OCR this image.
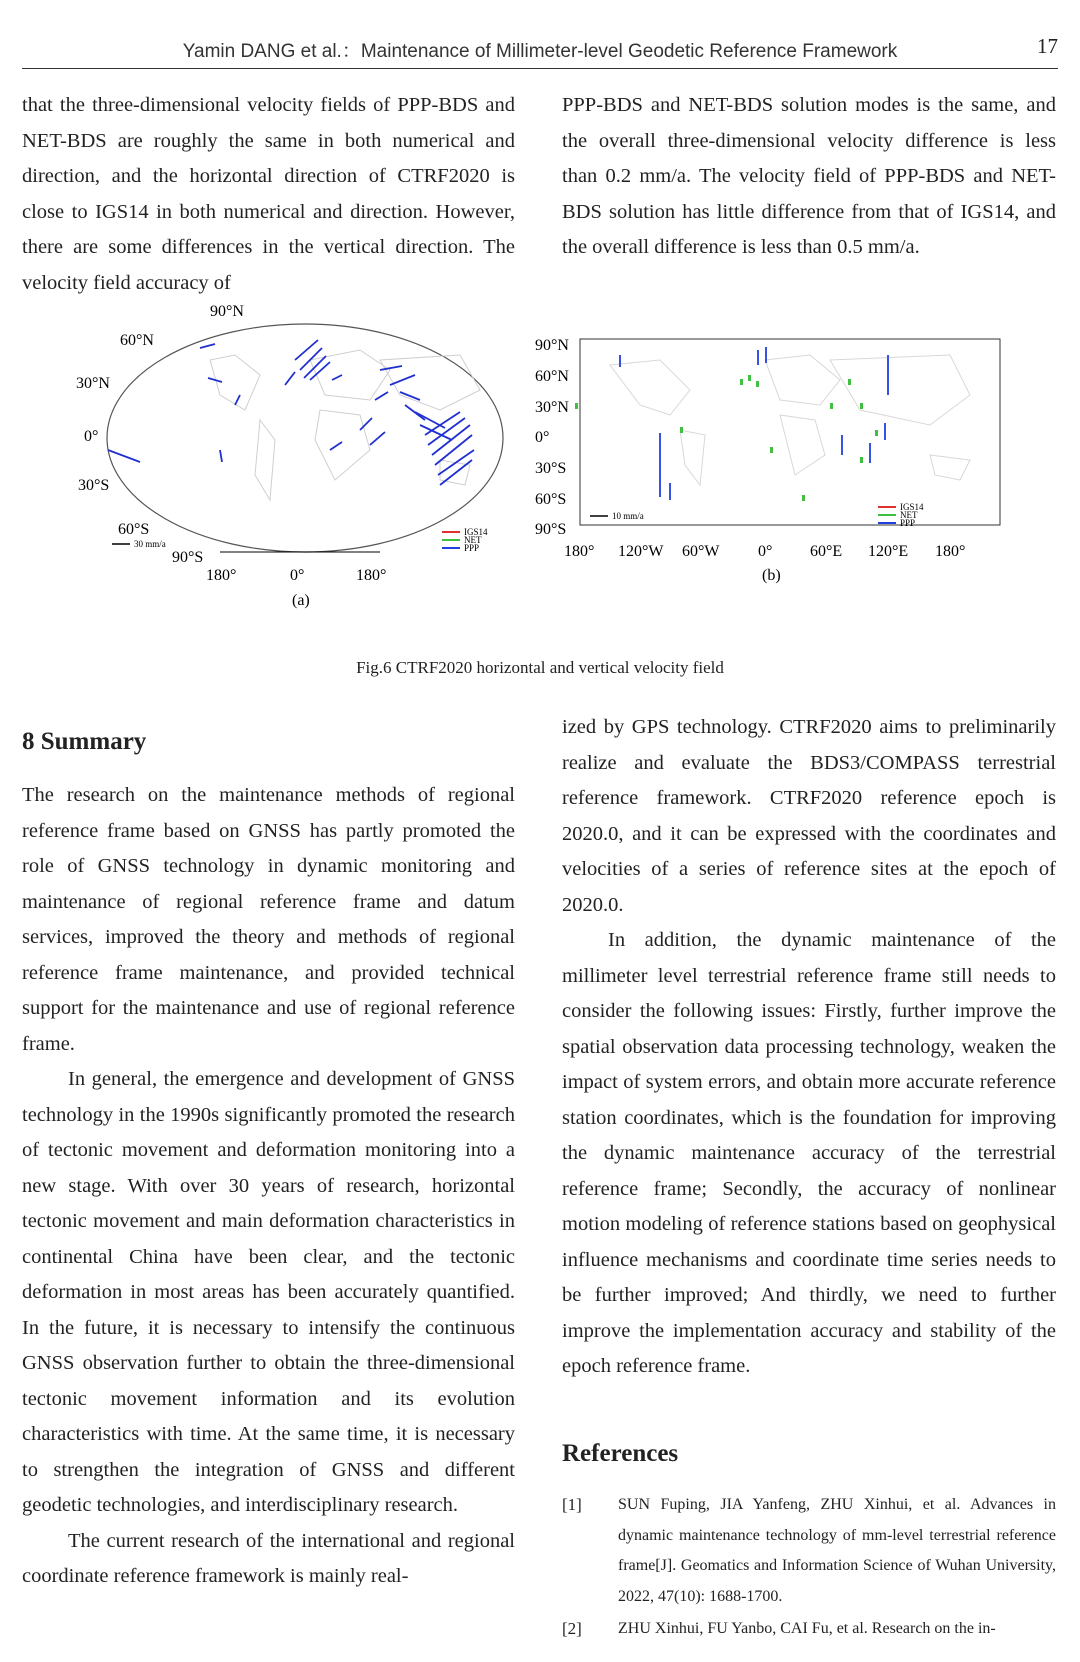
Yamin DANG et al.：Maintenance of Millimeter-level Geodetic Reference Framework	17

that the three-dimensional velocity fields of PPP-BDS and NET-BDS are roughly the same in both numerical and direction, and the horizontal direction of CTRF2020 is close to IGS14 in both numerical and direction. However, there are some differences in the vertical direction. The velocity field accuracy of

PPP-BDS and NET-BDS solution modes is the same, and the overall three-dimensional velocity difference is less than 0.2 mm/a. The velocity field of PPP-BDS and NET-BDS solution has little difference from that of IGS14, and the overall difference is less than 0.5 mm/a.

90°N
60°N
30°N
0°
30°S
60°S
90°S
30 mm/a
IGS14
NET
PPP
180°	0°	180°
(a)
90°N
60°N
30°N
0°
30°S
60°S
90°S
10 mm/a
IGS14
NET
PPP
180° 120°W 60°W 0° 60°E 120°E 180°
(b)
Fig.6 CTRF2020 horizontal and vertical velocity field
8 Summary

The research on the maintenance methods of regional reference frame based on GNSS has partly promoted the role of GNSS technology in dynamic monitoring and maintenance of regional reference frame and datum services, improved the theory and methods of regional reference frame maintenance, and provided technical support for the maintenance and use of regional reference frame.

In general, the emergence and development of GNSS technology in the 1990s significantly promoted the research of tectonic movement and deformation monitoring into a new stage. With over 30 years of research, horizontal tectonic movement and main deformation characteristics in continental China have been clear, and the tectonic deformation in most areas has been accurately quantified. In the future, it is necessary to intensify the continuous GNSS observation further to obtain the three-dimensional tectonic movement information and its evolution characteristics with time. At the same time, it is necessary to strengthen the integration of GNSS and different geodetic technologies, and interdisciplinary research.

The current research of the international and regional coordinate reference framework is mainly real-

ized by GPS technology. CTRF2020 aims to preliminarily realize and evaluate the BDS3/COMPASS terrestrial reference framework. CTRF2020 reference epoch is 2020.0, and it can be expressed with the coordinates and velocities of a series of reference sites at the epoch of 2020.0.

In addition, the dynamic maintenance of the millimeter level terrestrial reference frame still needs to consider the following issues: Firstly, further improve the spatial observation data processing technology, weaken the impact of system errors, and obtain more accurate reference station coordinates, which is the foundation for improving the dynamic maintenance accuracy of the terrestrial reference frame; Secondly, the accuracy of nonlinear motion modeling of reference stations based on geophysical influence mechanisms and coordinate time series needs to be further improved; And thirdly, we need to further improve the implementation accuracy and stability of the epoch reference frame.

References
[1]	SUN Fuping, JIA Yanfeng, ZHU Xinhui, et al. Advances in dynamic maintenance technology of mm-level terrestrial reference frame[J]. Geomatics and Information Science of Wuhan University, 2022, 47(10): 1688-1700.
[2]	ZHU Xinhui, FU Yanbo, CAI Fu, et al. Research on the in-
